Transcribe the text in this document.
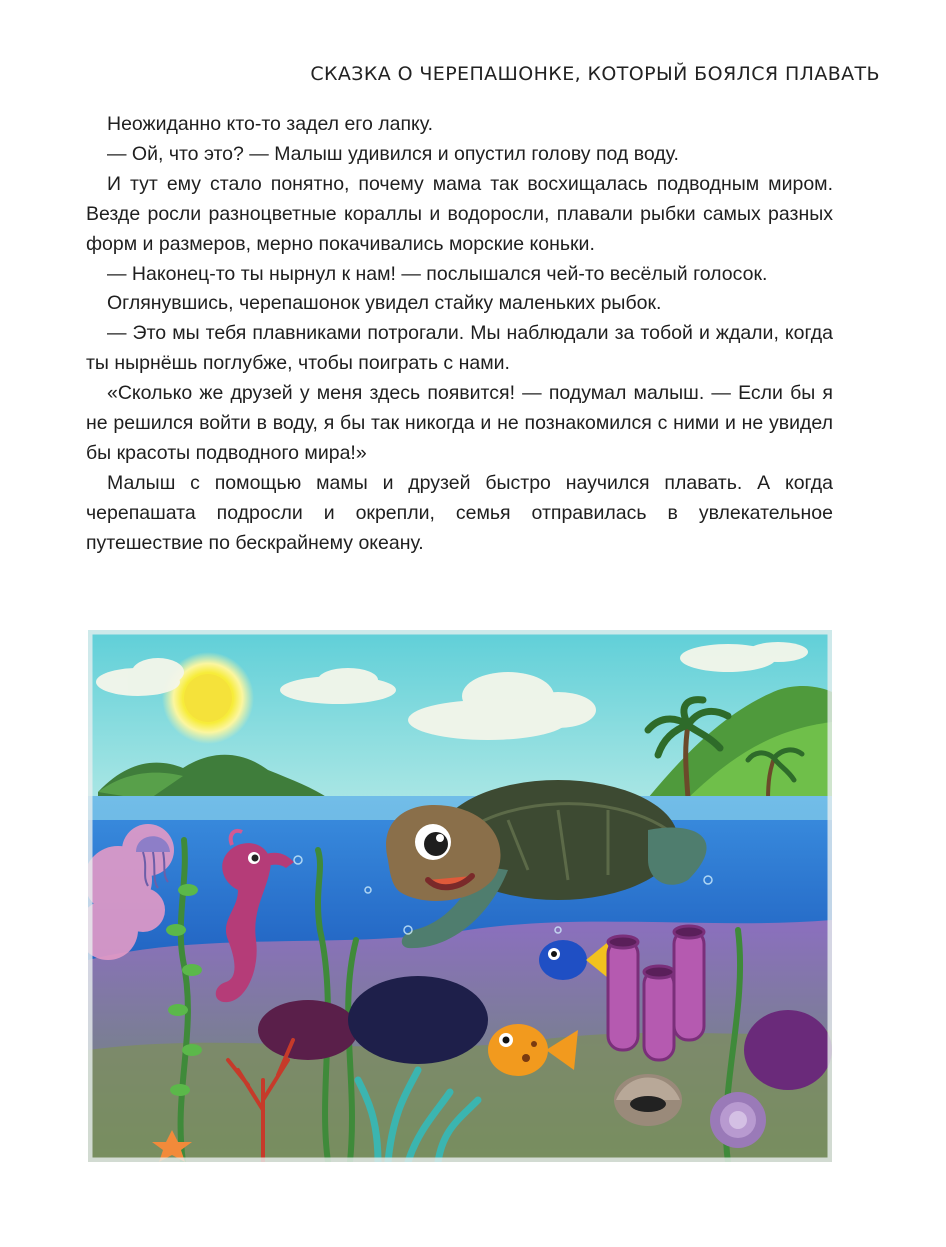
СКАЗКА О ЧЕРЕПАШОНКЕ, КОТОРЫЙ БОЯЛСЯ ПЛАВАТЬ

Неожиданно кто-то задел его лапку.

— Ой, что это? — Малыш удивился и опустил голову под воду.

И тут ему стало понятно, почему мама так восхищалась подводным миром. Везде росли разноцветные кораллы и водоросли, плавали рыбки самых разных форм и размеров, мерно покачивались морские коньки.

— Наконец-то ты нырнул к нам! — послышался чей-то весёлый голосок.

Оглянувшись, черепашонок увидел стайку маленьких рыбок.

— Это мы тебя плавниками потрогали. Мы наблюдали за тобой и ждали, когда ты нырнёшь поглубже, чтобы поиграть с нами.

«Сколько же друзей у меня здесь появится! — подумал малыш. — Если бы я не решился войти в воду, я бы так никогда и не познакомился с ними и не увидел бы красоты подводного мира!»

Малыш с помощью мамы и друзей быстро научился плавать. А когда черепашата подросли и окрепли, семья отправилась в увлекательное путешествие по бескрайнему океану.
